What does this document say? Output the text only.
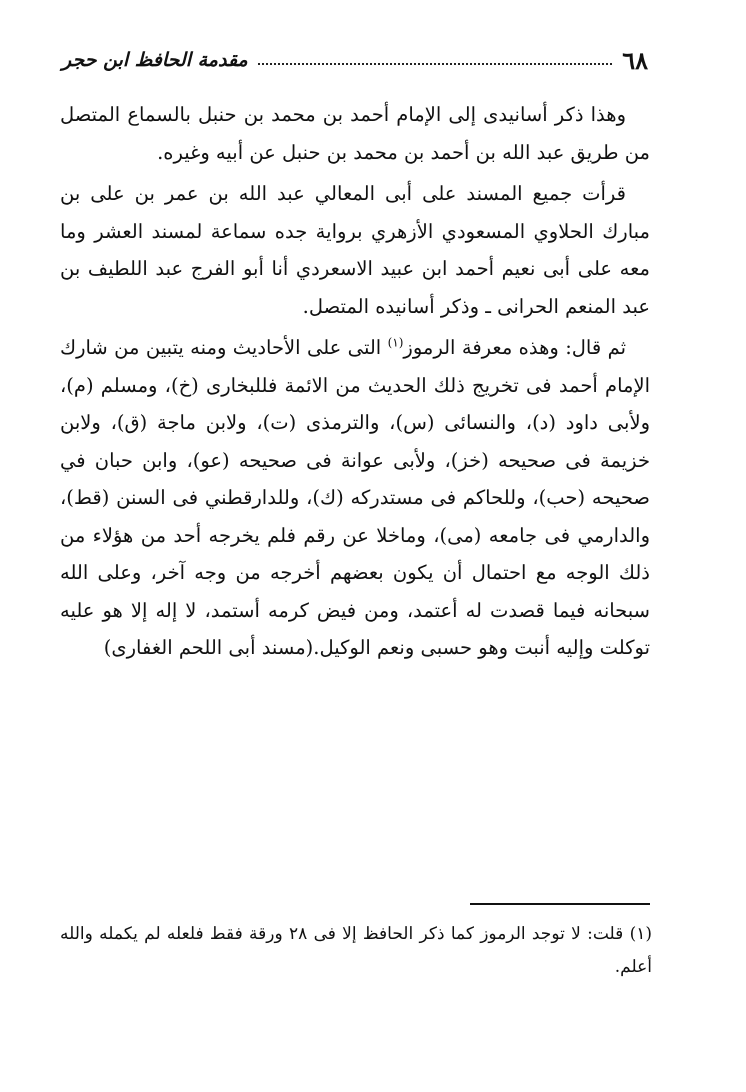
٦٨
مقدمة الحافظ ابن حجر

وهذا ذكر أسانيدى إلى الإمام أحمد بن محمد بن حنبل بالسماع المتصل من طريق عبد الله بن أحمد بن محمد بن حنبل عن أبيه وغيره.

قرأت جميع المسند على أبى المعالي عبد الله بن عمر بن على بن مبارك الحلاوي المسعودي الأزهري برواية جده سماعة لمسند العشر وما معه على أبى نعيم أحمد ابن عبيد الاسعردي أنا أبو الفرج عبد اللطيف بن عبد المنعم الحرانى ـ وذكر أسانيده المتصل.

ثم قال: وهذه معرفة الرموز$^{(١)}$ التى على الأحاديث ومنه يتبين من شارك الإمام أحمد فى تخريج ذلك الحديث من الائمة فللبخارى (خ)، ومسلم (م)، ولأبى داود (د)، والنسائى (س)، والترمذى (ت)، ولابن ماجة (ق)، ولابن خزيمة فى صحيحه (خز)، ولأبى عوانة فى صحيحه (عو)، وابن حبان في صحيحه (حب)، وللحاكم فى مستدركه (ك)، وللدارقطني فى السنن (قط)، والدارمي فى جامعه (مى)، وماخلا عن رقم فلم يخرجه أحد من هؤلاء من ذلك الوجه مع احتمال أن يكون بعضهم أخرجه من وجه آخر، وعلى الله سبحانه فيما قصدت له أعتمد، ومن فيض كرمه أستمد، لا إله إلا هو عليه توكلت وإليه أنبت وهو حسبى ونعم الوكيل.(مسند أبى اللحم الغفارى)

(١) قلت: لا توجد الرموز كما ذكر الحافظ إلا فى ٢٨ ورقة فقط فلعله لم يكمله والله أعلم.
